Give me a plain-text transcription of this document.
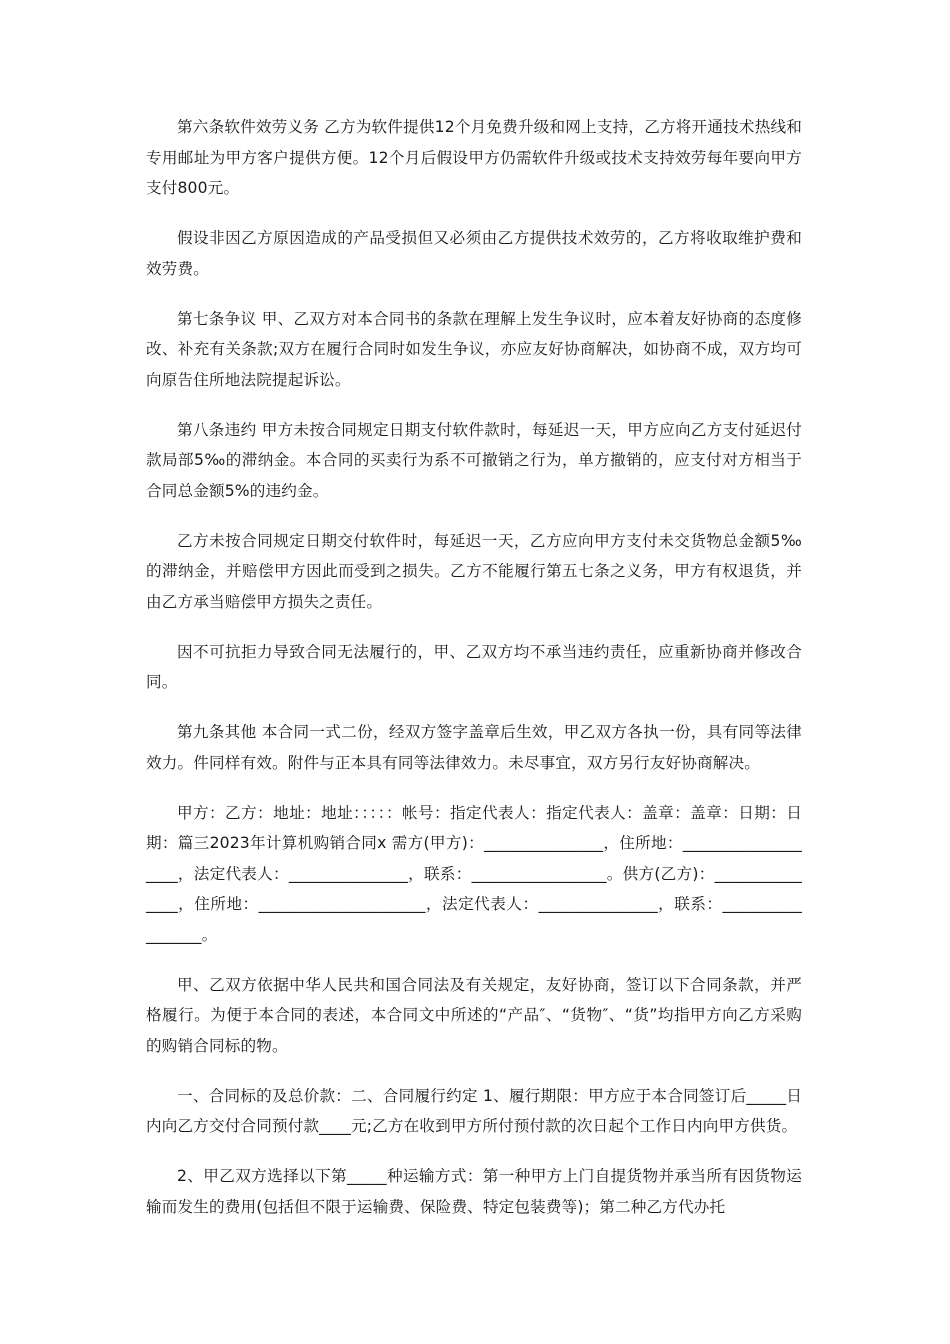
第六条软件效劳义务 乙方为软件提供12个月免费升级和网上支持，乙方将开通技术热线和专用邮址为甲方客户提供方便。12个月后假设甲方仍需软件升级或技术支持效劳每年要向甲方支付800元。

假设非因乙方原因造成的产品受损但又必须由乙方提供技术效劳的，乙方将收取维护费和效劳费。

第七条争议 甲、乙双方对本合同书的条款在理解上发生争议时，应本着友好协商的态度修改、补充有关条款;双方在履行合同时如发生争议，亦应友好协商解决，如协商不成，双方均可向原告住所地法院提起诉讼。

第八条违约 甲方未按合同规定日期支付软件款时，每延迟一天，甲方应向乙方支付延迟付款局部5‰的滞纳金。本合同的买卖行为系不可撤销之行为，单方撤销的，应支付对方相当于合同总金额5%的违约金。

乙方未按合同规定日期交付软件时，每延迟一天，乙方应向甲方支付未交货物总金额5‰的滞纳金，并赔偿甲方因此而受到之损失。乙方不能履行第五七条之义务，甲方有权退货，并由乙方承当赔偿甲方损失之责任。

因不可抗拒力导致合同无法履行的，甲、乙双方均不承当违约责任，应重新协商并修改合同。

第九条其他 本合同一式二份，经双方签字盖章后生效，甲乙双方各执一份，具有同等法律效力。件同样有效。附件与正本具有同等法律效力。未尽事宜，双方另行友好协商解决。

甲方：乙方：地址：地址：：：：：帐号：指定代表人：指定代表人：盖章：盖章：日期：日期：篇三2023年计算机购销合同x 需方(甲方)：_______________，住所地：___________________，法定代表人：_______________，联系：_________________。供方(乙方)：_______________，住所地：_____________________，法定代表人：_______________，联系：_________________。

甲、乙双方依据中华人民共和国合同法及有关规定，友好协商，签订以下合同条款，并严格履行。为便于本合同的表述，本合同文中所述的“产品″、“货物″、“货”均指甲方向乙方采购的购销合同标的物。

一、合同标的及总价款：二、合同履行约定 1、履行期限：甲方应于本合同签订后_____日内向乙方交付合同预付款____元;乙方在收到甲方所付预付款的次日起个工作日内向甲方供货。

2、甲乙双方选择以下第_____种运输方式：第一种甲方上门自提货物并承当所有因货物运输而发生的费用(包括但不限于运输费、保险费、特定包装费等)；第二种乙方代办托
